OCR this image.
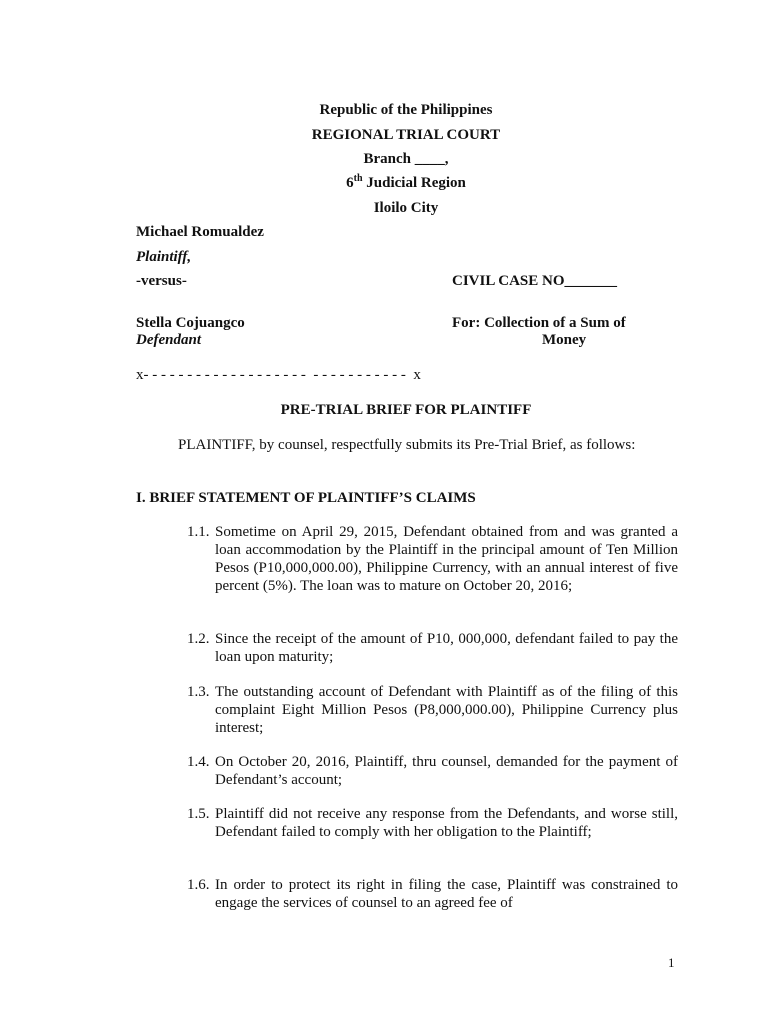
Republic of the Philippines
REGIONAL TRIAL COURT
Branch ____,
6th Judicial Region
Iloilo City
Michael Romualdez
Plaintiff,
-versus-	CIVIL CASE NO_______
Stella Cojuangco
Defendant
For: Collection of a Sum of
Money
x- - - - - - - - - - - - - - - - - - -  - - - - - - - - - - -  x
PRE-TRIAL BRIEF FOR PLAINTIFF
PLAINTIFF, by counsel, respectfully submits its Pre-Trial Brief, as follows:
I. BRIEF STATEMENT OF PLAINTIFF’S CLAIMS
1.1. Sometime on April 29, 2015, Defendant obtained from and was granted a loan accommodation by the Plaintiff in the principal amount of Ten Million Pesos (P10,000,000.00), Philippine Currency, with an annual interest of five percent (5%). The loan was to mature on October 20, 2016;
1.2. Since the receipt of the amount of P10, 000,000, defendant failed to pay the loan upon maturity;
1.3. The outstanding account of Defendant with Plaintiff as of the filing of this complaint Eight Million Pesos (P8,000,000.00), Philippine Currency plus interest;
1.4. On October 20, 2016, Plaintiff, thru counsel, demanded for the payment of Defendant’s account;
1.5. Plaintiff did not receive any response from the Defendants, and worse still, Defendant failed to comply with her obligation to the Plaintiff;
1.6. In order to protect its right in filing the case, Plaintiff was constrained to engage the services of counsel to an agreed fee of
1
